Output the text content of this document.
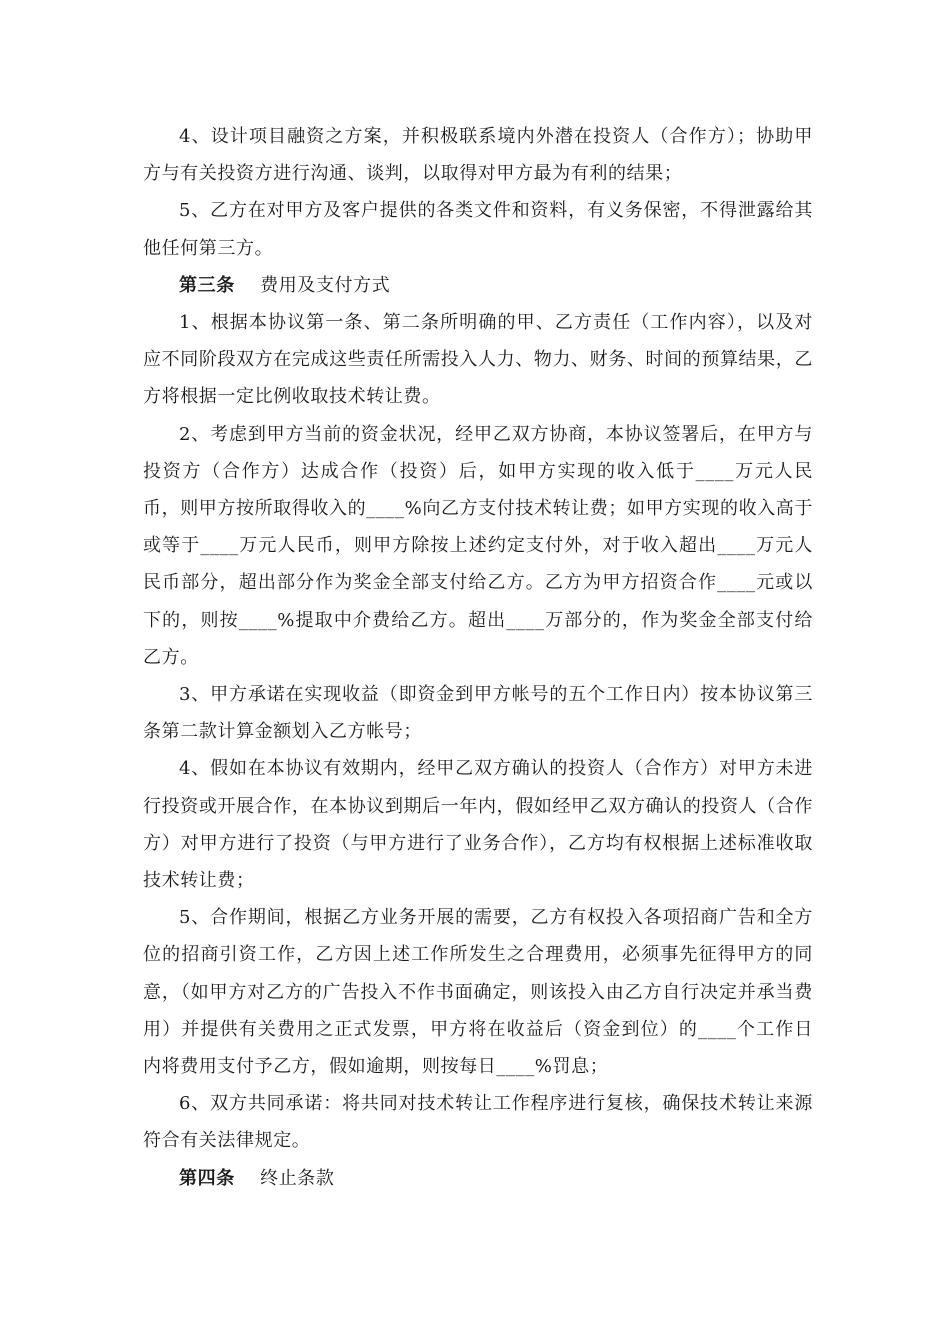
4、设计项目融资之方案，并积极联系境内外潜在投资人（合作方）；协助甲方与有关投资方进行沟通、谈判，以取得对甲方最为有利的结果；

5、乙方在对甲方及客户提供的各类文件和资料，有义务保密，不得泄露给其他任何第三方。

第三条 费用及支付方式

1、根据本协议第一条、第二条所明确的甲、乙方责任（工作内容），以及对应不同阶段双方在完成这些责任所需投入人力、物力、财务、时间的预算结果，乙方将根据一定比例收取技术转让费。

2、考虑到甲方当前的资金状况，经甲乙双方协商，本协议签署后，在甲方与投资方（合作方）达成合作（投资）后，如甲方实现的收入低于____万元人民币，则甲方按所取得收入的____%向乙方支付技术转让费；如甲方实现的收入高于或等于____万元人民币，则甲方除按上述约定支付外，对于收入超出____万元人民币部分，超出部分作为奖金全部支付给乙方。乙方为甲方招资合作____元或以下的，则按____%提取中介费给乙方。超出____万部分的，作为奖金全部支付给乙方。

3、甲方承诺在实现收益（即资金到甲方帐号的五个工作日内）按本协议第三条第二款计算金额划入乙方帐号；

4、假如在本协议有效期内，经甲乙双方确认的投资人（合作方）对甲方未进行投资或开展合作，在本协议到期后一年内，假如经甲乙双方确认的投资人（合作方）对甲方进行了投资（与甲方进行了业务合作），乙方均有权根据上述标准收取技术转让费；

5、合作期间，根据乙方业务开展的需要，乙方有权投入各项招商广告和全方位的招商引资工作，乙方因上述工作所发生之合理费用，必须事先征得甲方的同意，（如甲方对乙方的广告投入不作书面确定，则该投入由乙方自行决定并承当费用）并提供有关费用之正式发票，甲方将在收益后（资金到位）的____个工作日内将费用支付予乙方，假如逾期，则按每日____%罚息；

6、双方共同承诺：将共同对技术转让工作程序进行复核，确保技术转让来源符合有关法律规定。

第四条 终止条款
